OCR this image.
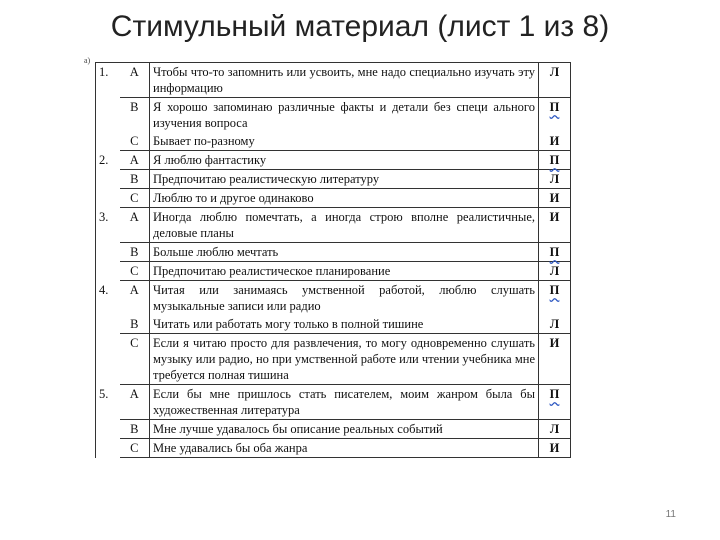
Стимульный материал (лист 1 из 8)
а)
1.	А	Чтобы что-то запомнить или усвоить, мне надо специально изучать эту информацию	Л
	В	Я хорошо запоминаю различные факты и детали без специ ального изучения вопроса	П
	С	Бывает по-разному	И
2.	А	Я люблю фантастику	П
	В	Предпочитаю реалистическую литературу	Л
	С	Люблю то и другое одинаково	И
3.	А	Иногда люблю помечтать, а иногда строю вполне реалистичные, деловые планы	И
	В	Больше люблю мечтать	П
	С	Предпочитаю реалистическое планирование	Л
4.	А	Читая или занимаясь умственной работой, люблю слушать музыкальные записи или радио	П
	В	Читать или работать могу только в полной тишине	Л
	С	Если я читаю просто для развлечения, то могу одновременно слушать музыку или радио, но при умственной работе или чтении учебника мне требуется полная тишина	И
5.	А	Если бы мне пришлось стать писателем, моим жанром была бы художественная литература	П
	В	Мне лучше удавалось бы описание реальных событий	Л
	С	Мне удавались бы оба жанра	И
11
